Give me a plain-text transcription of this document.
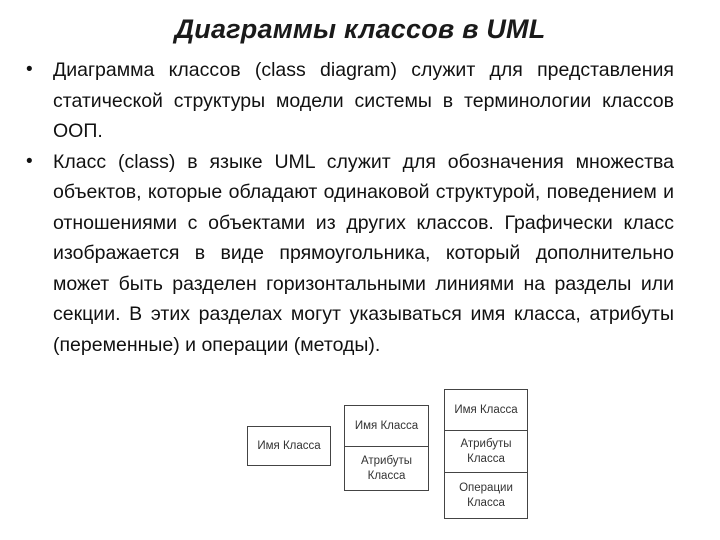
Диаграммы классов в UML
• Диаграмма классов (class diagram) служит для представления статической структуры модели системы в терминологии классов ООП.
• Класс (class) в языке UML служит для обозначения множества объектов, которые обладают одинаковой структурой, поведением и отношениями с объектами из других классов. Графически класс изображается в виде прямоугольника, который дополнительно может быть разделен горизонтальными линиями на разделы или секции. В этих разделах могут указываться имя класса, атрибуты (переменные) и операции (методы).
Имя Класса
Имя Класса
Атрибуты
Класса
Имя Класса
Атрибуты
Класса
Операции
Класса
